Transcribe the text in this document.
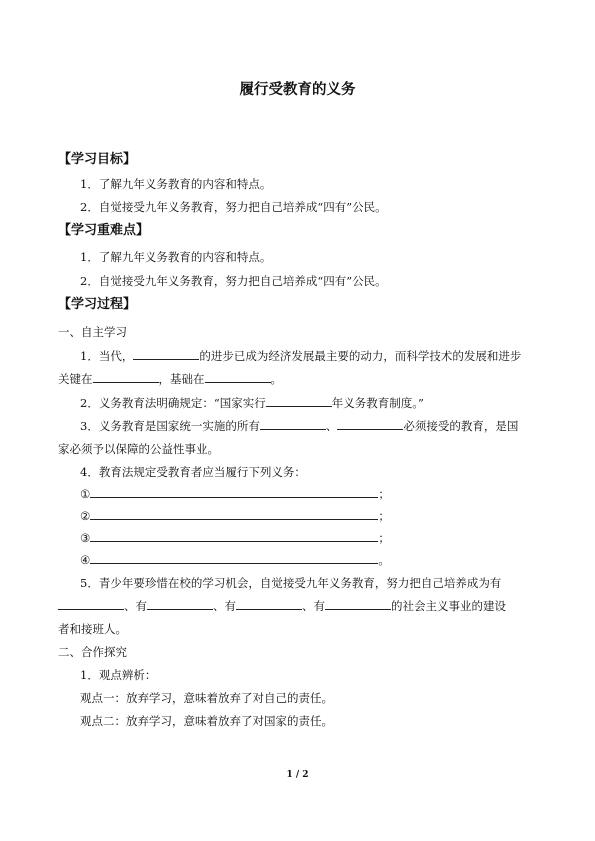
履行受教育的义务
【学习目标】
1．了解九年义务教育的内容和特点。
2．自觉接受九年义务教育，努力把自己培养成“四有”公民。
【学习重难点】
1．了解九年义务教育的内容和特点。
2．自觉接受九年义务教育，努力把自己培养成“四有”公民。
【学习过程】
一、自主学习
1．当代，	的进步已成为经济发展最主要的动力，而科学技术的发展和进步
关键在	，基础在	。
2．义务教育法明确规定：“国家实行	年义务教育制度。”
3．义务教育是国家统一实施的所有	、	必须接受的教育，是国
家必须予以保障的公益性事业。
4．教育法规定受教育者应当履行下列义务：
①	；
②	；
③	；
④	。
5．青少年要珍惜在校的学习机会，自觉接受九年义务教育，努力把自己培养成为有
、有	、有	、有	的社会主义事业的建设
者和接班人。
二、合作探究
1．观点辨析：
观点一：放弃学习，意味着放弃了对自己的责任。
观点二：放弃学习，意味着放弃了对国家的责任。
1 / 2
